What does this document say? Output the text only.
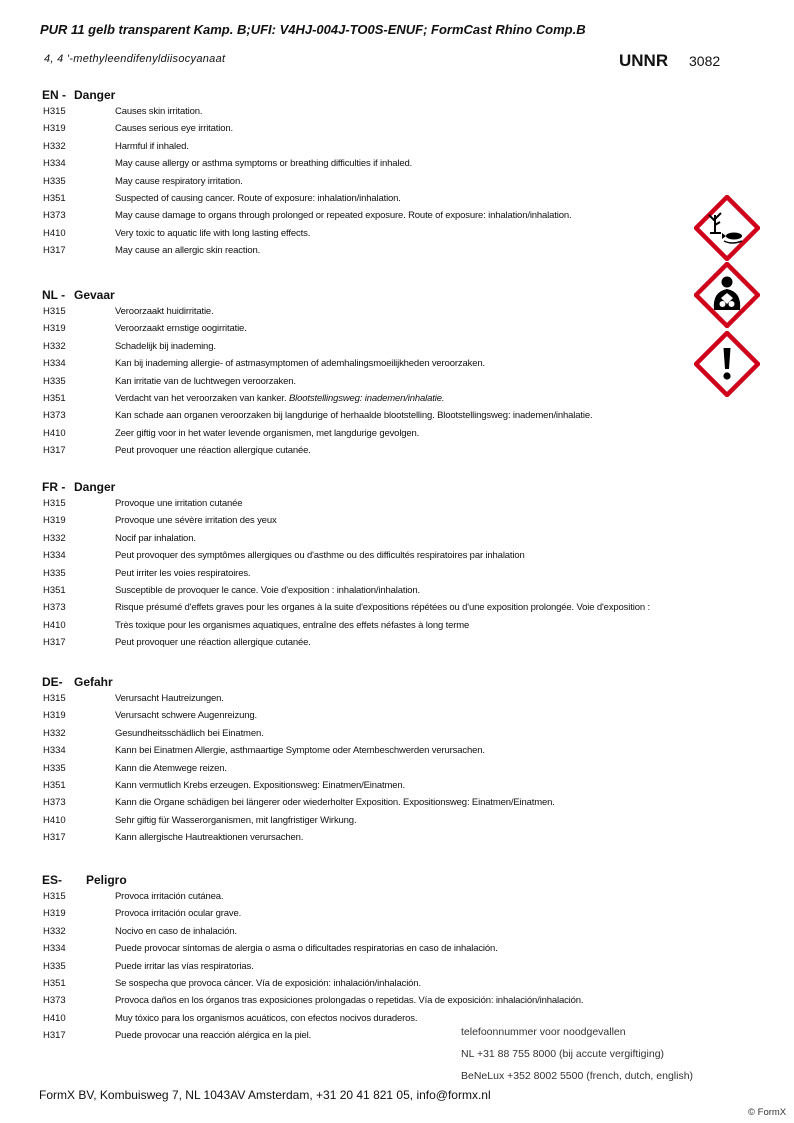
PUR 11 gelb transparent Kamp. B;UFI: V4HJ-004J-TO0S-ENUF; FormCast Rhino Comp.B
4, 4 '-methyleendifenyldiisocyanaat	UNNR 3082
EN - Danger
H315	Causes skin irritation.
H319	Causes serious eye irritation.
H332	Harmful if inhaled.
H334	May cause allergy or asthma symptoms or breathing difficulties if inhaled.
H335	May cause respiratory irritation.
H351	Suspected of causing cancer. Route of exposure: inhalation/inhalation.
H373	May cause damage to organs through prolonged or repeated exposure. Route of exposure: inhalation/inhalation.
H410	Very toxic to aquatic life with long lasting effects.
H317	May cause an allergic skin reaction.
NL - Gevaar
H315	Veroorzaakt huidirritatie.
H319	Veroorzaakt ernstige oogirritatie.
H332	Schadelijk bij inademing.
H334	Kan bij inademing allergie- of astmasymptomen of ademhalingsmoeilijkheden veroorzaken.
H335	Kan irritatie van de luchtwegen veroorzaken.
H351	Verdacht van het veroorzaken van kanker. Blootstellingsweg: inademen/inhalatie.
H373	Kan schade aan organen veroorzaken bij langdurige of herhaalde blootstelling. Blootstellingsweg: inademen/inhalatie.
H410	Zeer giftig voor in het water levende organismen, met langdurige gevolgen.
H317	Peut provoquer une réaction allergique cutanée.
FR - Danger
H315	Provoque une irritation cutanée
H319	Provoque une sévère irritation des yeux
H332	Nocif par inhalation.
H334	Peut provoquer des symptômes allergiques ou d'asthme ou des difficultés respiratoires par inhalation
H335	Peut irriter les voies respiratoires.
H351	Susceptible de provoquer le cance. Voie d'exposition : inhalation/inhalation.
H373	Risque présumé d'effets graves pour les organes à la suite d'expositions répétées ou d'une exposition prolongée. Voie d'exposition :
H410	Très toxique pour les organismes aquatiques, entraîne des effets néfastes à long terme
H317	Peut provoquer une réaction allergique cutanée.
DE- Gefahr
H315	Verursacht Hautreizungen.
H319	Verursacht schwere Augenreizung.
H332	Gesundheitsschädlich bei Einatmen.
H334	Kann bei Einatmen Allergie, asthmaartige Symptome oder Atembeschwerden verursachen.
H335	Kann die Atemwege reizen.
H351	Kann vermutlich Krebs erzeugen. Expositionsweg: Einatmen/Einatmen.
H373	Kann die Organe schädigen bei längerer oder wiederholter Exposition. Expositionsweg: Einatmen/Einatmen.
H410	Sehr giftig für Wasserorganismen, mit langfristiger Wirkung.
H317	Kann allergische Hautreaktionen verursachen.
ES- Peligro
H315	Provoca irritación cutánea.
H319	Provoca irritación ocular grave.
H332	Nocivo en caso de inhalación.
H334	Puede provocar síntomas de alergia o asma o dificultades respiratorias en caso de inhalación.
H335	Puede irritar las vías respiratorias.
H351	Se sospecha que provoca cáncer. Vía de exposición: inhalación/inhalación.
H373	Provoca daños en los órganos tras exposiciones prolongadas o repetidas. Vía de exposición: inhalación/inhalación.
H410	Muy tóxico para los organismos acuáticos, con efectos nocivos duraderos.
H317	Puede provocar una reacción alérgica en la piel.	telefoonnummer voor noodgevallen
NL +31 88 755 8000 (bij accute vergiftiging)
BeNeLux +352 8002 5500 (french, dutch, english)
FormX BV, Kombuisweg 7, NL 1043AV Amsterdam, +31 20 41 821 05, info@formx.nl
© FormX
